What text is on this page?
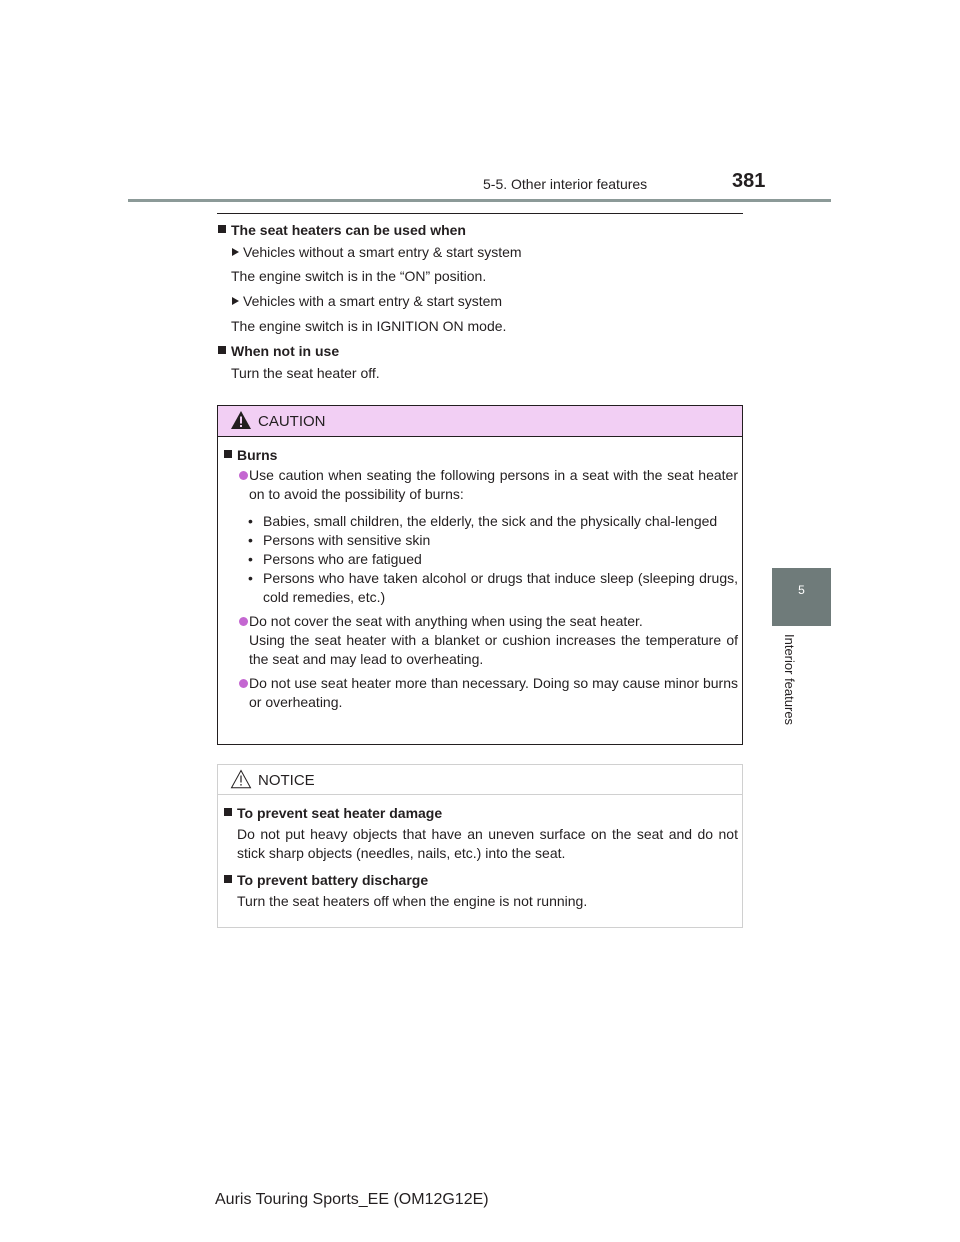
5-5. Other interior features	381
5
Interior features
The seat heaters can be used when
Vehicles without a smart entry & start system
The engine switch is in the “ON” position.
Vehicles with a smart entry & start system
The engine switch is in IGNITION ON mode.
When not in use
Turn the seat heater off.
CAUTION
Burns
Use caution when seating the following persons in a seat with the seat heater on to avoid the possibility of burns:
• Babies, small children, the elderly, the sick and the physically chal-lenged
• Persons with sensitive skin
• Persons who are fatigued
• Persons who have taken alcohol or drugs that induce sleep (sleeping drugs, cold remedies, etc.)
Do not cover the seat with anything when using the seat heater.
Using the seat heater with a blanket or cushion increases the temperature of the seat and may lead to overheating.
Do not use seat heater more than necessary. Doing so may cause minor burns or overheating.
NOTICE
To prevent seat heater damage
Do not put heavy objects that have an uneven surface on the seat and do not stick sharp objects (needles, nails, etc.) into the seat.
To prevent battery discharge
Turn the seat heaters off when the engine is not running.
Auris Touring Sports_EE (OM12G12E)
